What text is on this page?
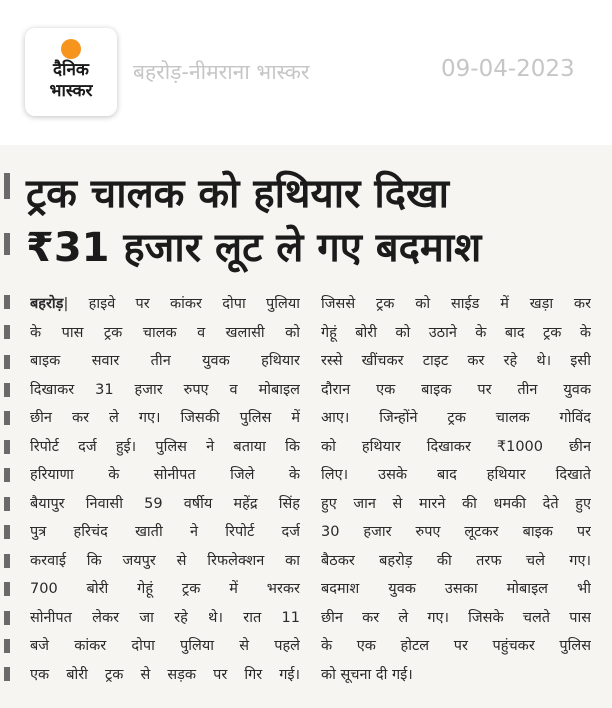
दैनिक
भास्कर
बहरोड़-नीमराना भास्कर	09-04-2023
ट्रक चालक को हथियार दिखा
₹31 हजार लूट ले गए बदमाश
बहरोड़| हाइवे पर कांकर दोपा पुलिया
के पास ट्रक चालक व खलासी को
बाइक सवार तीन युवक हथियार
दिखाकर 31 हजार रुपए व मोबाइल
छीन कर ले गए। जिसकी पुलिस में
रिपोर्ट दर्ज हुई। पुलिस ने बताया कि
हरियाणा के सोनीपत जिले के
बैयापुर निवासी 59 वर्षीय महेंद्र सिंह
पुत्र हरिचंद खाती ने रिपोर्ट दर्ज
करवाई कि जयपुर से रिफलेक्शन का
700 बोरी गेहूं ट्रक में भरकर
सोनीपत लेकर जा रहे थे। रात 11
बजे कांकर दोपा पुलिया से पहले
एक बोरी ट्रक से सड़क पर गिर गई।
जिससे ट्रक को साईड में खड़ा कर
गेहूं बोरी को उठाने के बाद ट्रक के
रस्से खींचकर टाइट कर रहे थे। इसी
दौरान एक बाइक पर तीन युवक
आए। जिन्होंने ट्रक चालक गोविंद
को हथियार दिखाकर ₹1000 छीन
लिए। उसके बाद हथियार दिखाते
हुए जान से मारने की धमकी देते हुए
30 हजार रुपए लूटकर बाइक पर
बैठकर बहरोड़ की तरफ चले गए।
बदमाश युवक उसका मोबाइल भी
छीन कर ले गए। जिसके चलते पास
के एक होटल पर पहुंचकर पुलिस
को सूचना दी गई।
